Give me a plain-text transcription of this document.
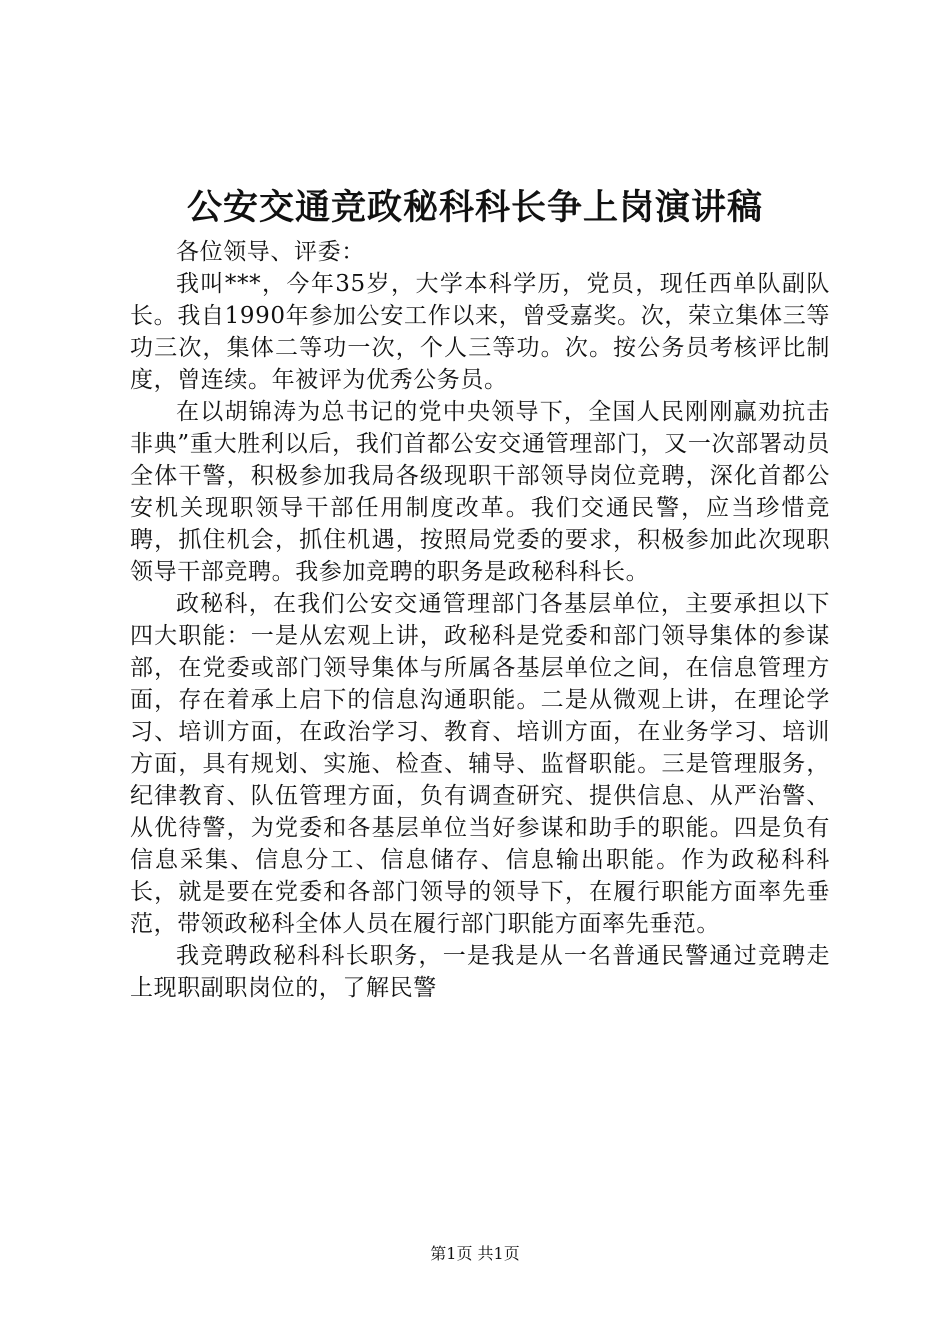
公安交通竞政秘科科长争上岗演讲稿

各位领导、评委：

我叫***，今年35岁，大学本科学历，党员，现任西单队副队长。我自1990年参加公安工作以来，曾受嘉奖。次，荣立集体三等功三次，集体二等功一次，个人三等功。次。按公务员考核评比制度，曾连续。年被评为优秀公务员。

在以胡锦涛为总书记的党中央领导下，全国人民刚刚赢劝抗击非典”重大胜利以后，我们首都公安交通管理部门，又一次部署动员全体干警，积极参加我局各级现职干部领导岗位竞聘，深化首都公安机关现职领导干部任用制度改革。我们交通民警，应当珍惜竞聘，抓住机会，抓住机遇，按照局党委的要求，积极参加此次现职领导干部竞聘。我参加竞聘的职务是政秘科科长。

政秘科，在我们公安交通管理部门各基层单位，主要承担以下四大职能：一是从宏观上讲，政秘科是党委和部门领导集体的参谋部，在党委或部门领导集体与所属各基层单位之间，在信息管理方面，存在着承上启下的信息沟通职能。二是从微观上讲，在理论学习、培训方面，在政治学习、教育、培训方面，在业务学习、培训方面，具有规划、实施、检查、辅导、监督职能。三是管理服务，纪律教育、队伍管理方面，负有调查研究、提供信息、从严治警、从优待警，为党委和各基层单位当好参谋和助手的职能。四是负有信息采集、信息分工、信息储存、信息输出职能。作为政秘科科长，就是要在党委和各部门领导的领导下，在履行职能方面率先垂范，带领政秘科全体人员在履行部门职能方面率先垂范。

我竞聘政秘科科长职务，一是我是从一名普通民警通过竞聘走上现职副职岗位的，了解民警

第1页 共1页
